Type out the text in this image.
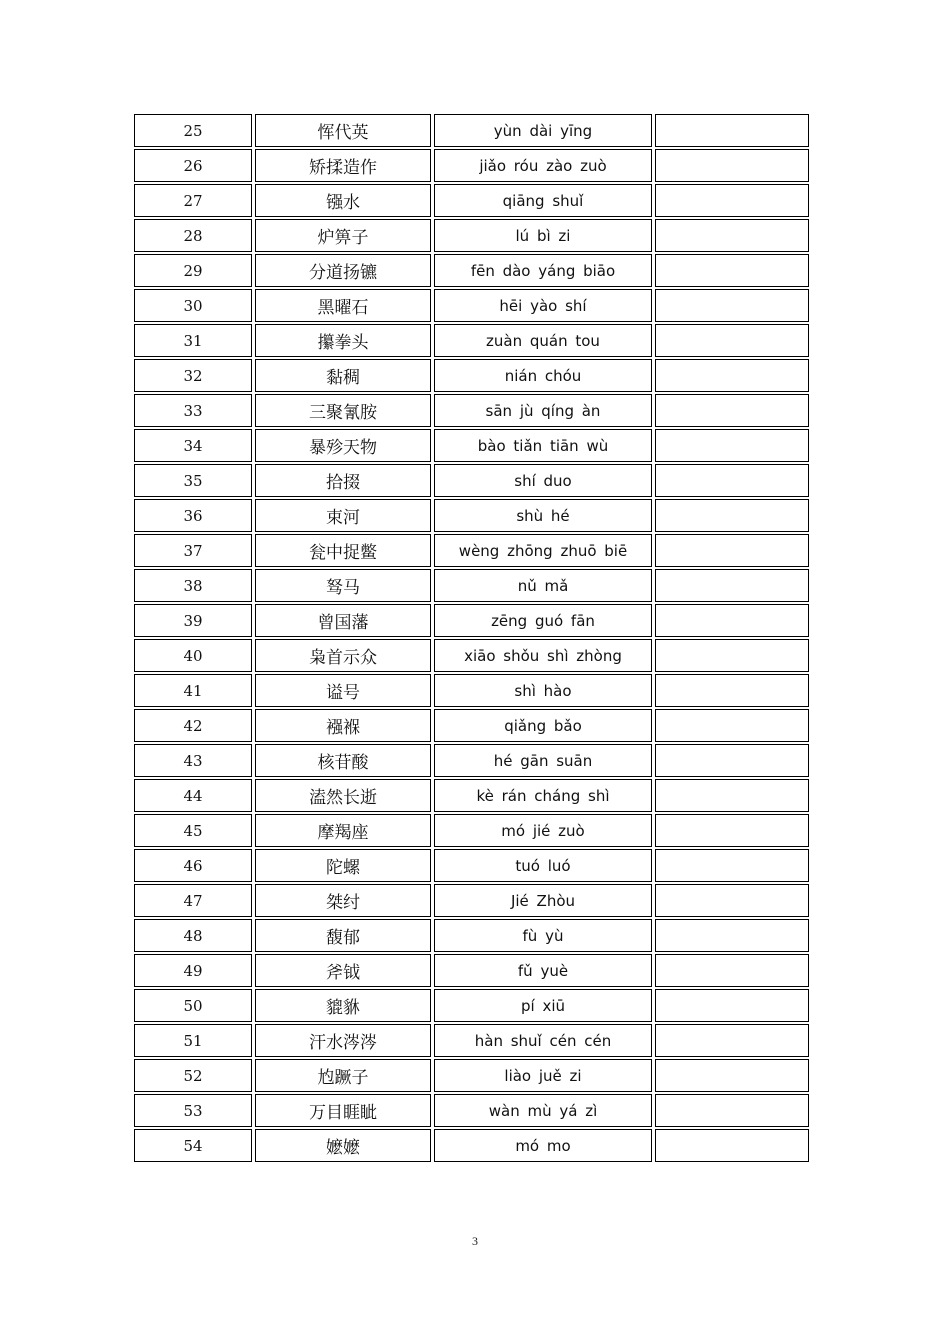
25	恽代英	yùn dài yīng	
26	矫揉造作	jiǎo róu zào zuò	
27	镪水	qiāng shuǐ	
28	炉箅子	lú bì zi	
29	分道扬镳	fēn dào yáng biāo	
30	黑曜石	hēi yào shí	
31	攥拳头	zuàn quán tou	
32	黏稠	nián chóu	
33	三聚氰胺	sān jù qíng àn	
34	暴殄天物	bào tiǎn tiān wù	
35	拾掇	shí duo	
36	束河	shù hé	
37	瓮中捉鳖	wèng zhōng zhuō biē	
38	驽马	nǔ mǎ	
39	曾国藩	zēng guó fān	
40	枭首示众	xiāo shǒu shì zhòng	
41	谥号	shì hào	
42	襁褓	qiǎng bǎo	
43	核苷酸	hé gān suān	
44	溘然长逝	kè rán cháng shì	
45	摩羯座	mó jié zuò	
46	陀螺	tuó luó	
47	桀纣	Jié Zhòu	
48	馥郁	fù yù	
49	斧钺	fǔ yuè	
50	貔貅	pí xiū	
51	汗水涔涔	hàn shuǐ cén cén	
52	尥蹶子	liào juě zi	
53	万目睚眦	wàn mù yá zì	
54	嬷嬷	mó mo	
3
